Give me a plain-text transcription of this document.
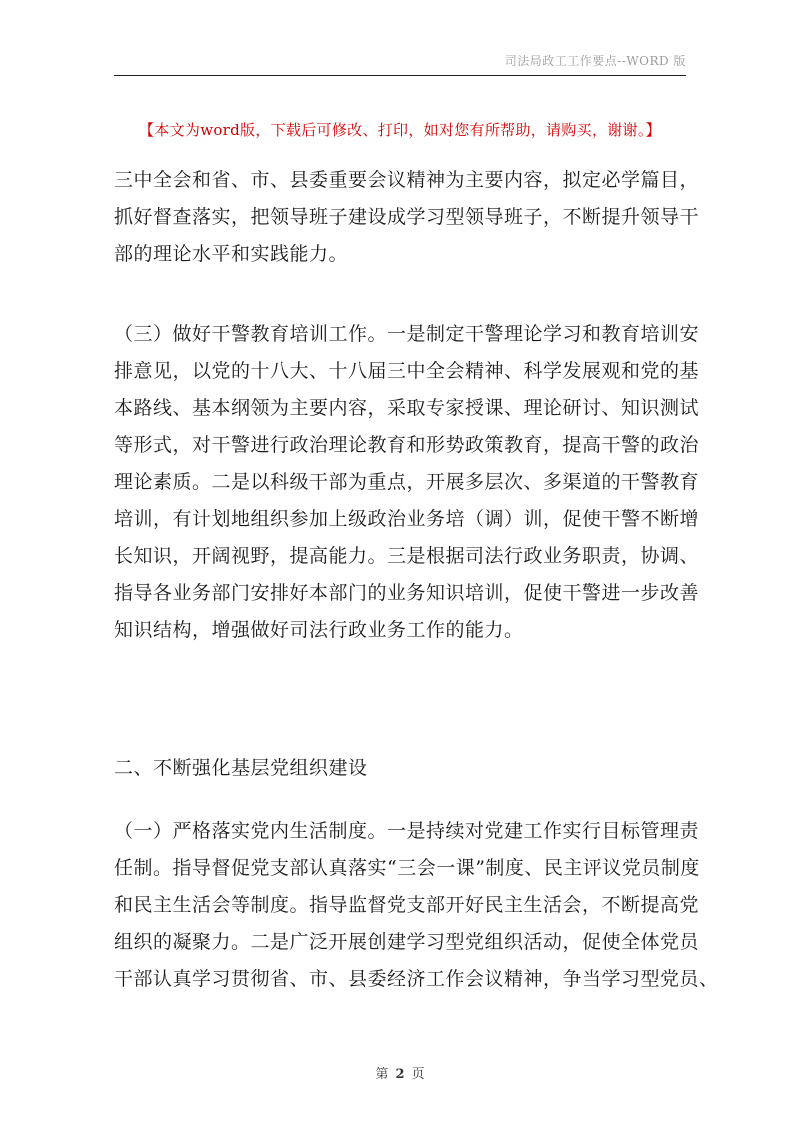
司法局政工工作要点--WORD 版
【本文为word版，下载后可修改、打印，如对您有所帮助，请购买，谢谢。】

三中全会和省、市、县委重要会议精神为主要内容，拟定必学篇目，
抓好督查落实，把领导班子建设成学习型领导班子，不断提升领导干
部的理论水平和实践能力。

（三）做好干警教育培训工作。一是制定干警理论学习和教育培训安
排意见，以党的十八大、十八届三中全会精神、科学发展观和党的基
本路线、基本纲领为主要内容，采取专家授课、理论研讨、知识测试
等形式，对干警进行政治理论教育和形势政策教育，提高干警的政治
理论素质。二是以科级干部为重点，开展多层次、多渠道的干警教育
培训，有计划地组织参加上级政治业务培（调）训，促使干警不断增
长知识，开阔视野，提高能力。三是根据司法行政业务职责，协调、
指导各业务部门安排好本部门的业务知识培训，促使干警进一步改善
知识结构，增强做好司法行政业务工作的能力。

二、不断强化基层党组织建设

（一）严格落实党内生活制度。一是持续对党建工作实行目标管理责
任制。指导督促党支部认真落实“三会一课”制度、民主评议党员制度
和民主生活会等制度。指导监督党支部开好民主生活会，不断提高党
组织的凝聚力。二是广泛开展创建学习型党组织活动，促使全体党员
干部认真学习贯彻省、市、县委经济工作会议精神，争当学习型党员、

第 2 页
